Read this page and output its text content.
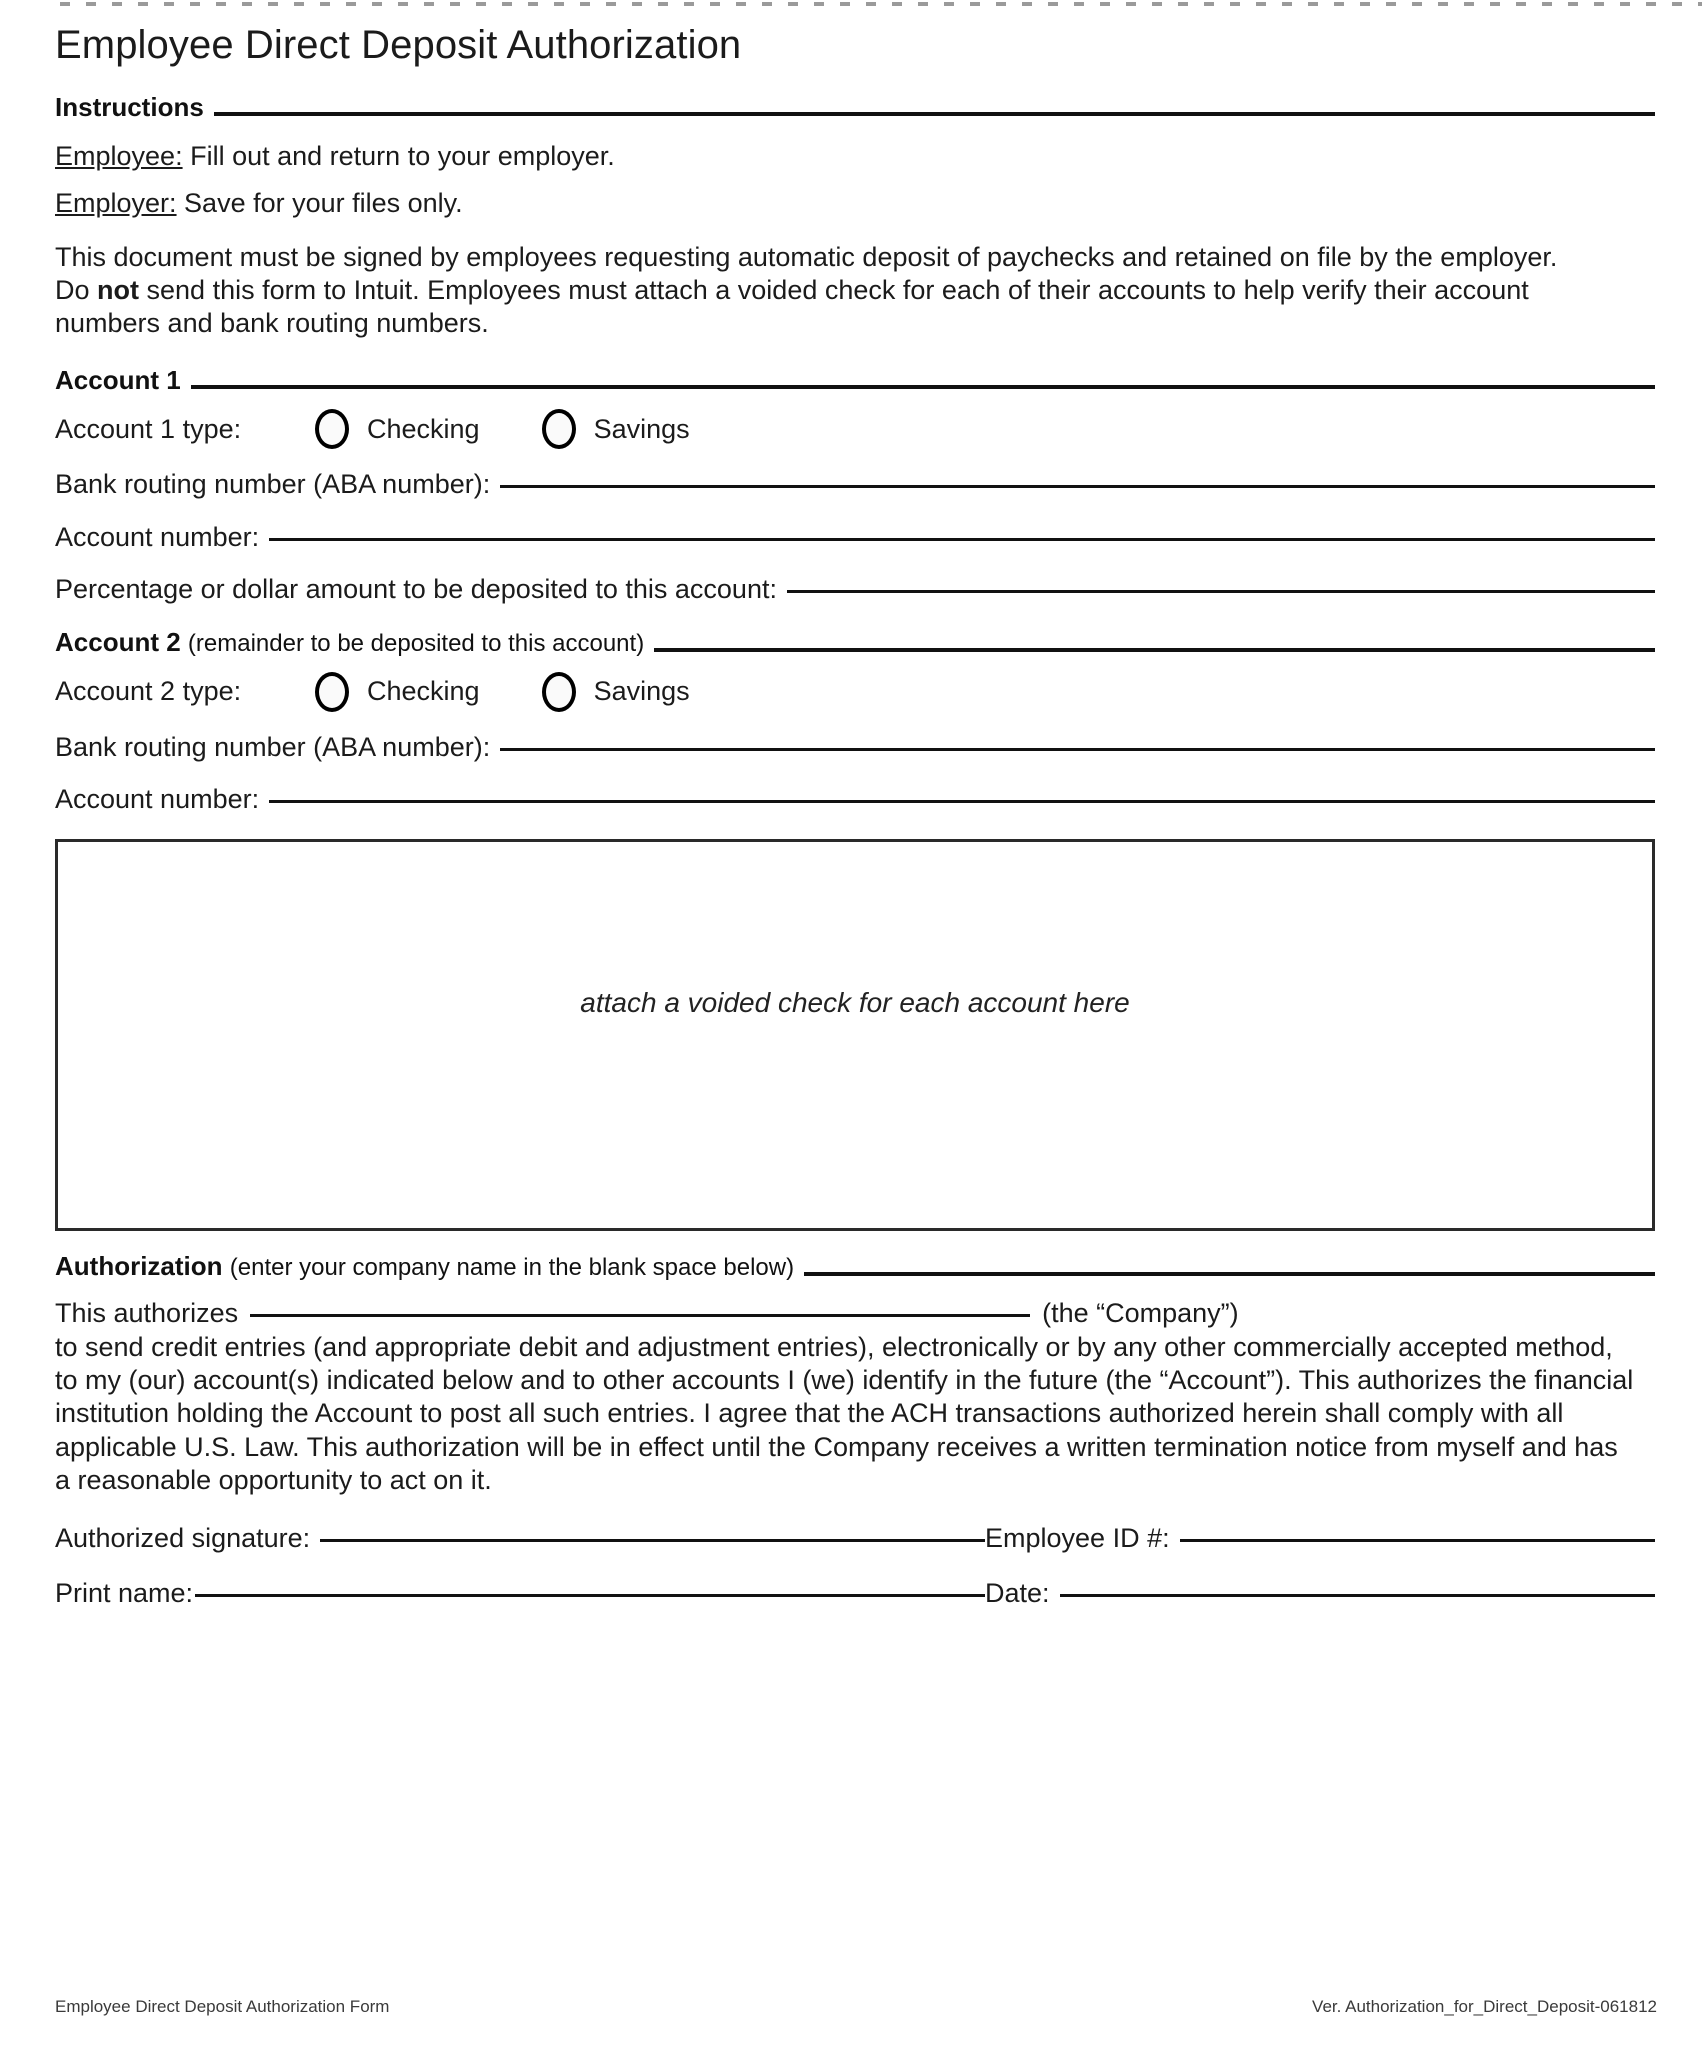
Employee Direct Deposit Authorization
Instructions
Employee: Fill out and return to your employer.
Employer: Save for your files only.
This document must be signed by employees requesting automatic deposit of paychecks and retained on file by the employer. Do not send this form to Intuit. Employees must attach a voided check for each of their accounts to help verify their account numbers and bank routing numbers.
Account 1
Account 1 type:	Checking	Savings
Bank routing number (ABA number):
Account number:
Percentage or dollar amount to be deposited to this account:
Account 2 (remainder to be deposited to this account)
Account 2 type:	Checking	Savings
Bank routing number (ABA number):
Account number:
attach a voided check for each account here
Authorization (enter your company name in the blank space below)
This authorizes	(the “Company”)
to send credit entries (and appropriate debit and adjustment entries), electronically or by any other commercially accepted method, to my (our) account(s) indicated below and to other accounts I (we) identify in the future (the “Account”). This authorizes the financial institution holding the Account to post all such entries. I agree that the ACH transactions authorized herein shall comply with all applicable U.S. Law. This authorization will be in effect until the Company receives a written termination notice from myself and has a reasonable opportunity to act on it.
Authorized signature:	Employee ID #:
Print name:	Date:
Employee Direct Deposit Authorization Form	Ver. Authorization_for_Direct_Deposit-061812
